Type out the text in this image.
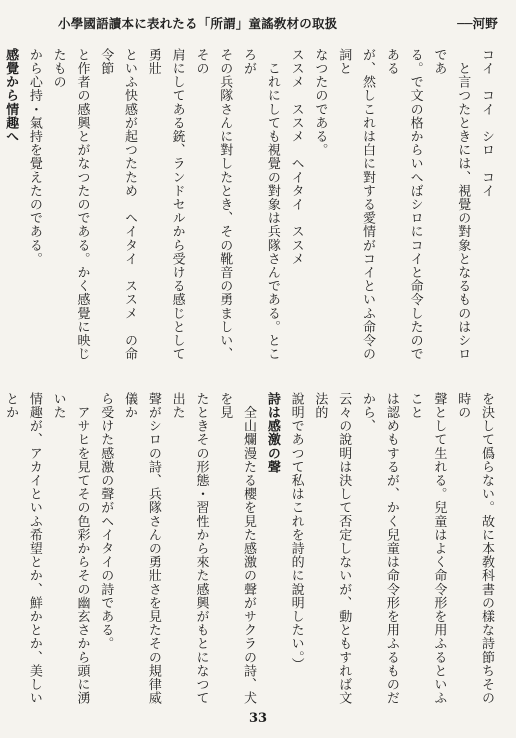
小學國語讀本に表れたる「所謂」童謠敎材の取扱	──河野

コイ　コイ　シロ　コイ

　と言つたときには、視覺の對象となるものはシロであ

る。で文の格からいへばシロにコイと命令したのである

が、然しこれは白に對する愛情がコイといふ命令の詞と

なつたのである。

ススメ　ススメ　ヘイタイ　ススメ

　これにしても視覺の對象は兵隊さんである。ところが

その兵隊さんに對したとき、その靴音の勇ましい、その

肩にしてある銃、ランドセルから受ける感じとして勇壯

といふ快感が起つたため　ヘイタイ　ススメ　の命令節

と作者の感興とがなつたのである。かく感覺に映じたもの

から心持・氣持を覺えたのである。

感覺から情趣へ

を決して僞らない。故に本敎科書の樣な詩節ちその時の

聲として生れる。兒童はよく命令形を用ふるといふこと

は認めもするが、かく兒童は命令形を用ふるものだから、

云々の說明は決して否定しないが、動ともすれば文法的

說明であつて私はこれを詩的に說明したい。）

詩は感激の聲

　全山爛漫たる櫻を見た感激の聲がサクラの詩、犬を見

たときその形態・習性から來た感興がもとになつて出た

聲がシロの詩、兵隊さんの勇壯さを見たその規律威儀か

ら受けた感激の聲がヘイタイの詩である。

　アサヒを見てその色彩からその幽玄さから頭に湧いた

情趣が、アカイといふ希望とか、鮮かとか、美しいとか

33
